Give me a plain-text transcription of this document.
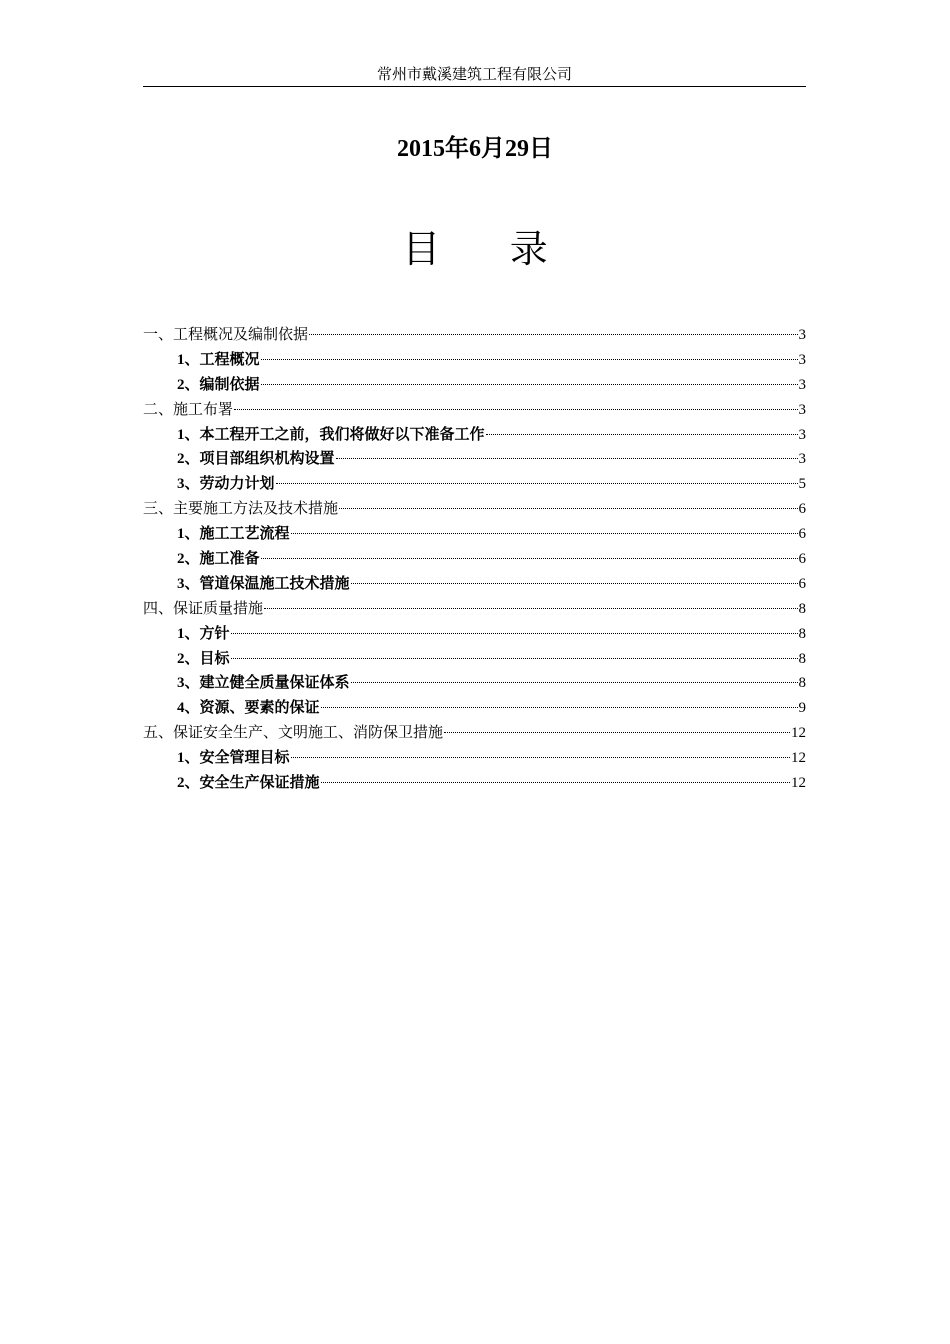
常州市戴溪建筑工程有限公司
2015年6月29日
目 录
一、工程概况及编制依据	3
1、工程概况	3
2、编制依据	3
二、施工布署	3
1、本工程开工之前，我们将做好以下准备工作	3
2、项目部组织机构设置	3
3、劳动力计划	5
三、主要施工方法及技术措施	6
1、施工工艺流程	6
2、施工准备	6
3、管道保温施工技术措施	6
四、保证质量措施	8
1、方针	8
2、目标	8
3、建立健全质量保证体系	8
4、资源、要素的保证	9
五、保证安全生产、文明施工、消防保卫措施	12
1、安全管理目标	12
2、安全生产保证措施	12
